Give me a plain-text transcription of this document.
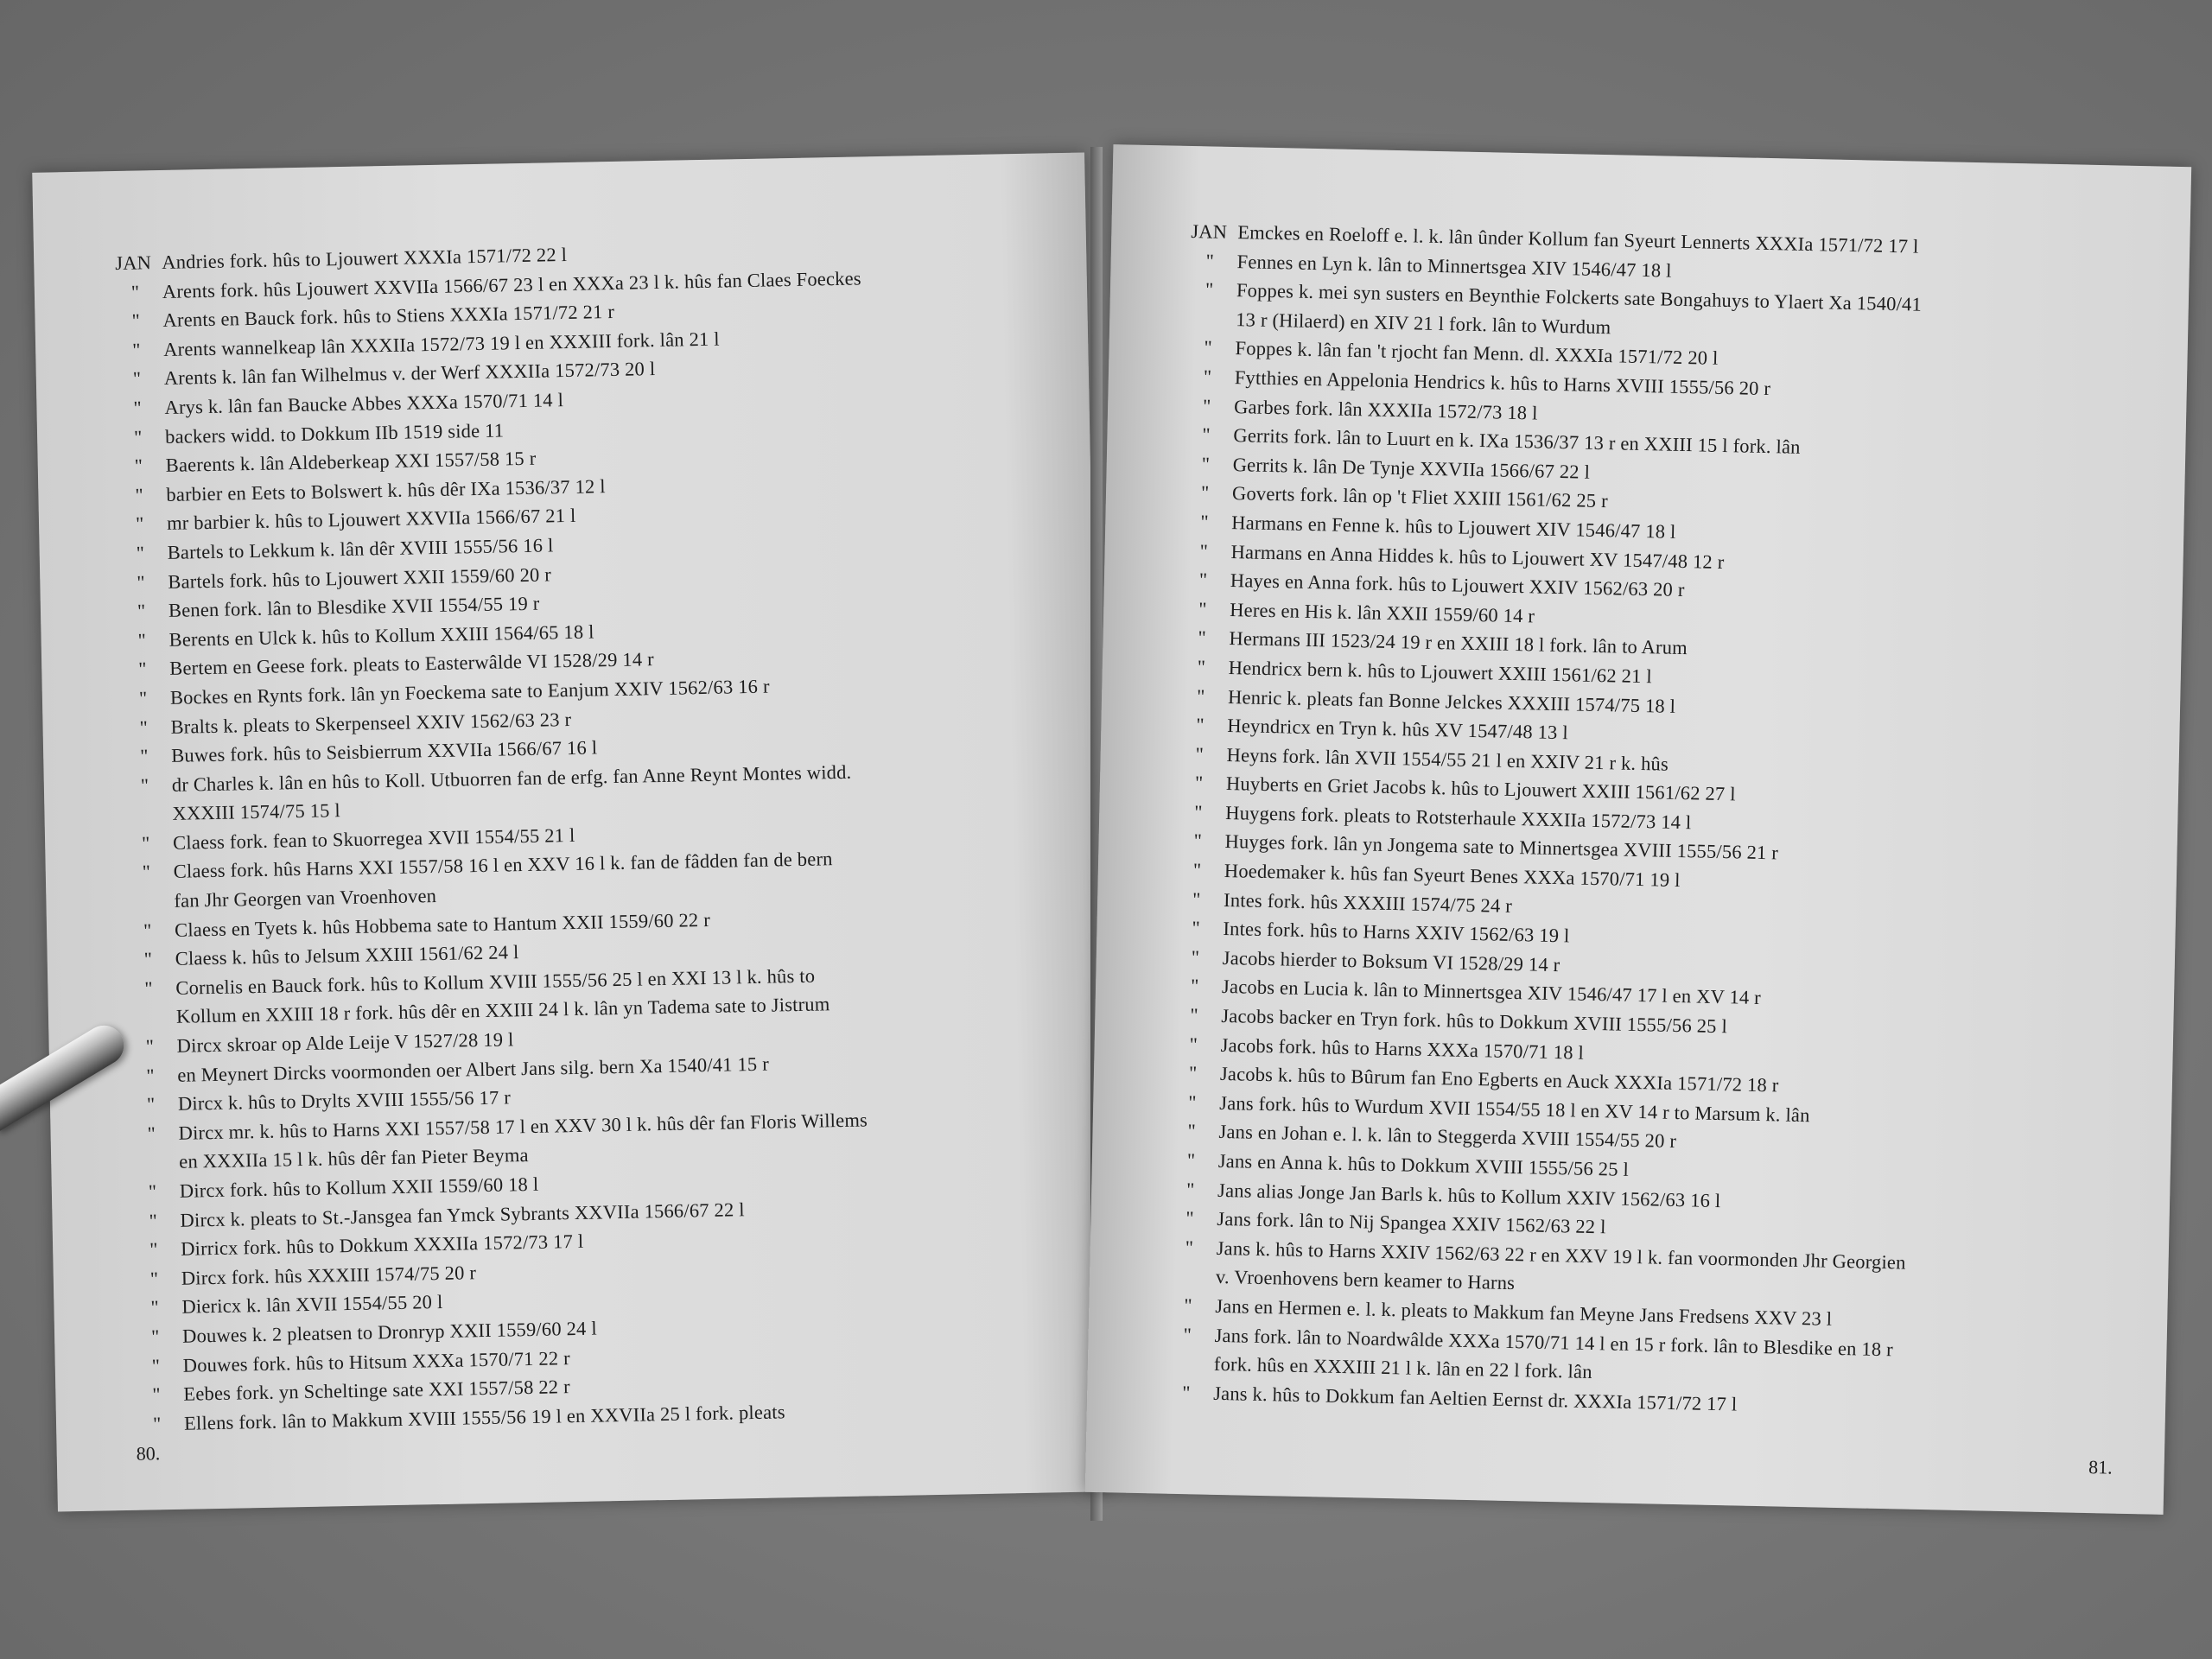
JAN Andries fork. hûs to Ljouwert XXXIa 1571/72 22 l
"	Arents fork. hûs Ljouwert XXVIIa 1566/67 23 l en XXXa 23 l k. hûs fan Claes Foeckes
"	Arents en Bauck fork. hûs to Stiens XXXIa 1571/72 21 r
"	Arents wannelkeap lân XXXIIa 1572/73 19 l en XXXIII fork. lân 21 l
"	Arents k. lân fan Wilhelmus v. der Werf XXXIIa 1572/73 20 l
"	Arys k. lân fan Baucke Abbes XXXa 1570/71 14 l
"	backers widd. to Dokkum IIb 1519 side 11
"	Baerents k. lân Aldeberkeap XXI 1557/58 15 r
"	barbier en Eets to Bolswert k. hûs dêr IXa 1536/37 12 l
"	mr barbier k. hûs to Ljouwert XXVIIa 1566/67 21 l
"	Bartels to Lekkum k. lân dêr XVIII 1555/56 16 l
"	Bartels fork. hûs to Ljouwert XXII 1559/60 20 r
"	Benen fork. lân to Blesdike XVII 1554/55 19 r
"	Berents en Ulck k. hûs to Kollum XXIII 1564/65 18 l
"	Bertem en Geese fork. pleats to Easterwâlde VI 1528/29 14 r
"	Bockes en Rynts fork. lân yn Foeckema sate to Eanjum XXIV 1562/63 16 r
"	Bralts k. pleats to Skerpenseel XXIV 1562/63 23 r
"	Buwes fork. hûs to Seisbierrum XXVIIa 1566/67 16 l
"	dr Charles k. lân en hûs to Koll. Utbuorren fan de erfg. fan Anne Reynt Montes widd.
XXXIII 1574/75 15 l
"	Claess fork. fean to Skuorregea XVII 1554/55 21 l
"	Claess fork. hûs Harns XXI 1557/58 16 l en XXV 16 l k. fan de fâdden fan de bern
fan Jhr Georgen van Vroenhoven
"	Claess en Tyets k. hûs Hobbema sate to Hantum XXII 1559/60 22 r
"	Claess k. hûs to Jelsum XXIII 1561/62 24 l
"	Cornelis en Bauck fork. hûs to Kollum XVIII 1555/56 25 l en XXI 13 l k. hûs to
Kollum en XXIII 18 r fork. hûs dêr en XXIII 24 l k. lân yn Tadema sate to Jistrum
"	Dircx skroar op Alde Leije V 1527/28 19 l
"	en Meynert Dircks voormonden oer Albert Jans silg. bern Xa 1540/41 15 r
"	Dircx k. hûs to Drylts XVIII 1555/56 17 r
"	Dircx mr. k. hûs to Harns XXI 1557/58 17 l en XXV 30 l k. hûs dêr fan Floris Willems
en XXXIIa 15 l k. hûs dêr fan Pieter Beyma
"	Dircx fork. hûs to Kollum XXII 1559/60 18 l
"	Dircx k. pleats to St.-Jansgea fan Ymck Sybrants XXVIIa 1566/67 22 l
"	Dirricx fork. hûs to Dokkum XXXIIa 1572/73 17 l
"	Dircx fork. hûs XXXIII 1574/75 20 r
"	Diericx k. lân XVII 1554/55 20 l
"	Douwes k. 2 pleatsen to Dronryp XXII 1559/60 24 l
"	Douwes fork. hûs to Hitsum XXXa 1570/71 22 r
"	Eebes fork. yn Scheltinge sate XXI 1557/58 22 r
"	Ellens fork. lân to Makkum XVIII 1555/56 19 l en XXVIIa 25 l fork. pleats
80.
JAN Emckes en Roeloff e. l. k. lân ûnder Kollum fan Syeurt Lennerts XXXIa 1571/72 17 l
"	Fennes en Lyn k. lân to Minnertsgea XIV 1546/47 18 l
"	Foppes k. mei syn susters en Beynthie Folckerts sate Bongahuys to Ylaert Xa 1540/41
13 r (Hilaerd) en XIV 21 l fork. lân to Wurdum
"	Foppes k. lân fan 't rjocht fan Menn. dl. XXXIa 1571/72 20 l
"	Fytthies en Appelonia Hendrics k. hûs to Harns XVIII 1555/56 20 r
"	Garbes fork. lân XXXIIa 1572/73 18 l
"	Gerrits fork. lân to Luurt en k. IXa 1536/37 13 r en XXIII 15 l fork. lân
"	Gerrits k. lân De Tynje XXVIIa 1566/67 22 l
"	Goverts fork. lân op 't Fliet XXIII 1561/62 25 r
"	Harmans en Fenne k. hûs to Ljouwert XIV 1546/47 18 l
"	Harmans en Anna Hiddes k. hûs to Ljouwert XV 1547/48 12 r
"	Hayes en Anna fork. hûs to Ljouwert XXIV 1562/63 20 r
"	Heres en His k. lân XXII 1559/60 14 r
"	Hermans III 1523/24 19 r en XXIII 18 l fork. lân to Arum
"	Hendricx bern k. hûs to Ljouwert XXIII 1561/62 21 l
"	Henric k. pleats fan Bonne Jelckes XXXIII 1574/75 18 l
"	Heyndricx en Tryn k. hûs XV 1547/48 13 l
"	Heyns fork. lân XVII 1554/55 21 l en XXIV 21 r k. hûs
"	Huyberts en Griet Jacobs k. hûs to Ljouwert XXIII 1561/62 27 l
"	Huygens fork. pleats to Rotsterhaule XXXIIa 1572/73 14 l
"	Huyges fork. lân yn Jongema sate to Minnertsgea XVIII 1555/56 21 r
"	Hoedemaker k. hûs fan Syeurt Benes XXXa 1570/71 19 l
"	Intes fork. hûs XXXIII 1574/75 24 r
"	Intes fork. hûs to Harns XXIV 1562/63 19 l
"	Jacobs hierder to Boksum VI 1528/29 14 r
"	Jacobs en Lucia k. lân to Minnertsgea XIV 1546/47 17 l en XV 14 r
"	Jacobs backer en Tryn fork. hûs to Dokkum XVIII 1555/56 25 l
"	Jacobs fork. hûs to Harns XXXa 1570/71 18 l
"	Jacobs k. hûs to Bûrum fan Eno Egberts en Auck XXXIa 1571/72 18 r
"	Jans fork. hûs to Wurdum XVII 1554/55 18 l en XV 14 r to Marsum k. lân
"	Jans en Johan e. l. k. lân to Steggerda XVIII 1554/55 20 r
"	Jans en Anna k. hûs to Dokkum XVIII 1555/56 25 l
"	Jans alias Jonge Jan Barls k. hûs to Kollum XXIV 1562/63 16 l
"	Jans fork. lân to Nij Spangea XXIV 1562/63 22 l
"	Jans k. hûs to Harns XXIV 1562/63 22 r en XXV 19 l k. fan voormonden Jhr Georgien
v. Vroenhovens bern keamer to Harns
"	Jans en Hermen e. l. k. pleats to Makkum fan Meyne Jans Fredsens XXV 23 l
"	Jans fork. lân to Noardwâlde XXXa 1570/71 14 l en 15 r fork. lân to Blesdike en 18 r
fork. hûs en XXXIII 21 l k. lân en 22 l fork. lân
"	Jans k. hûs to Dokkum fan Aeltien Eernst dr. XXXIa 1571/72 17 l
81.
